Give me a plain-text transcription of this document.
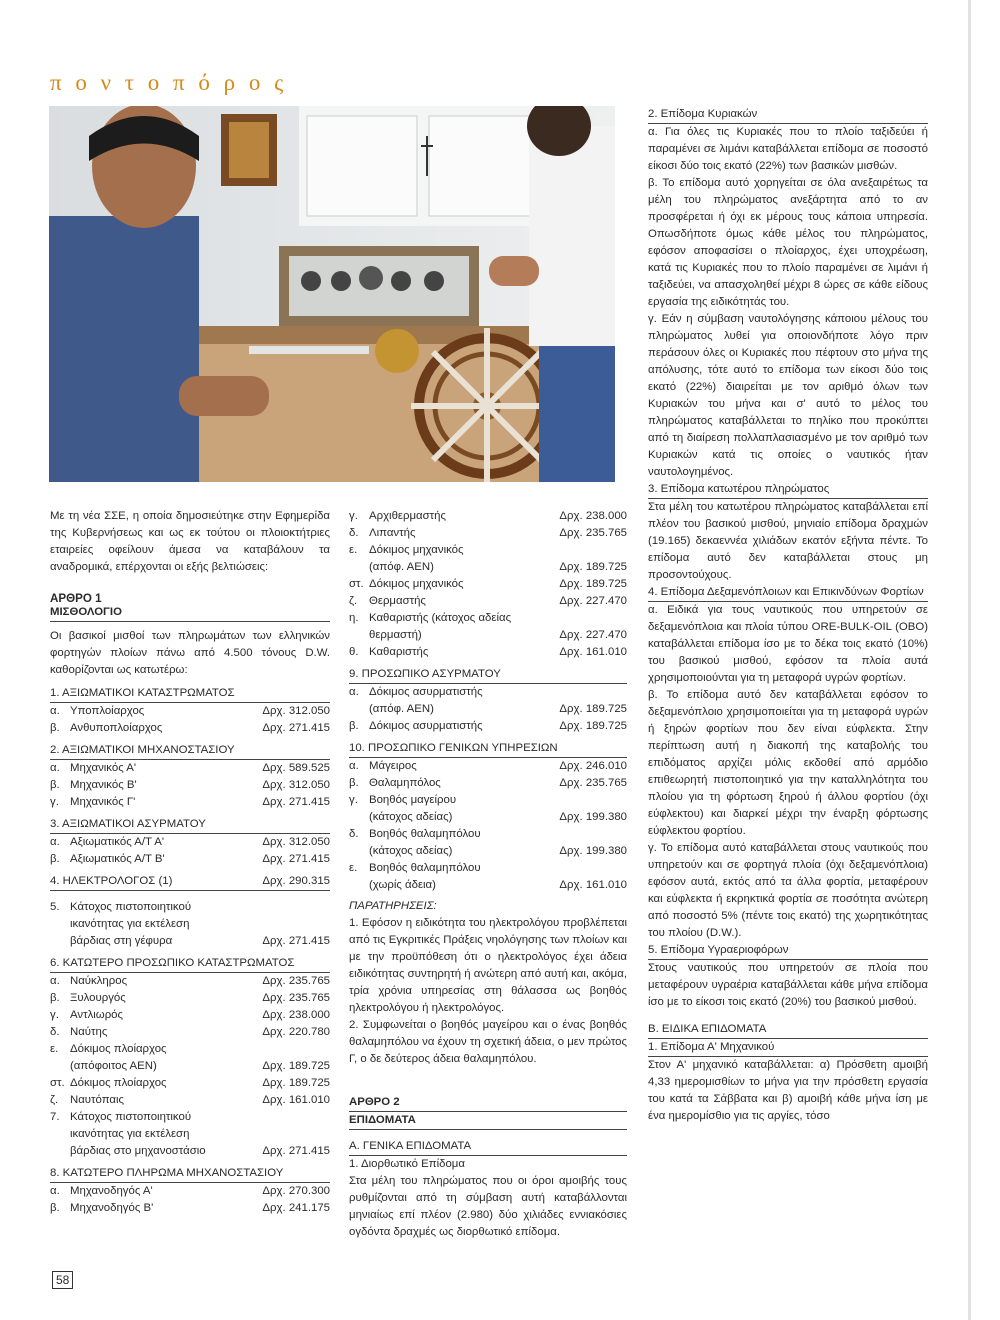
π ο ν τ ο π ό ρ ο ς

Με τη νέα ΣΣΕ, η οποία δημοσιεύτηκε στην Εφημερίδα της Κυβερνήσεως και ως εκ τούτου οι πλοιοκτήτριες εταιρείες οφείλουν άμεσα να καταβάλουν τα αναδρομικά, επέρχονται οι εξής βελτιώσεις:

ΑΡΘΡΟ 1
ΜΙΣΘΟΛΟΓΙΟ

Οι βασικοί μισθοί των πληρωμάτων των ελληνικών φορτηγών πλοίων πάνω από 4.500 τόνους D.W. καθορίζονται ως κατωτέρω:

1. ΑΞΙΩΜΑΤΙΚΟΙ ΚΑΤΑΣΤΡΩΜΑΤΟΣ
α. Υποπλοίαρχος	Δρχ. 312.050
β. Ανθυποπλοίαρχος	Δρχ. 271.415
2. ΑΞΙΩΜΑΤΙΚΟΙ ΜΗΧΑΝΟΣΤΑΣΙΟΥ
α. Μηχανικός Α'	Δρχ. 589.525
β. Μηχανικός Β'	Δρχ. 312.050
γ. Μηχανικός Γ'	Δρχ. 271.415
3. ΑΞΙΩΜΑΤΙΚΟΙ ΑΣΥΡΜΑΤΟΥ
α. Αξιωματικός Α/Τ Α'	Δρχ. 312.050
β. Αξιωματικός Α/Τ Β'	Δρχ. 271.415
4. ΗΛΕΚΤΡΟΛΟΓΟΣ (1)	Δρχ. 290.315
5. Κάτοχος πιστοποιητικού ικανότητας για εκτέλεση βάρδιας στη γέφυρα	Δρχ. 271.415
6. ΚΑΤΩΤΕΡΟ ΠΡΟΣΩΠΙΚΟ ΚΑΤΑΣΤΡΩΜΑΤΟΣ
α. Ναύκληρος	Δρχ. 235.765
β. Ξυλουργός	Δρχ. 235.765
γ. Αντλιωρός	Δρχ. 238.000
δ. Ναύτης	Δρχ. 220.780
ε.	Δόκιμος πλοίαρχος (απόφοιτος ΑΕΝ)	Δρχ. 189.725
στ. Δόκιμος πλοίαρχος	Δρχ. 189.725
ζ.	Ναυτόπαις	Δρχ. 161.010
7. Κάτοχος πιστοποιητικού ικανότητας για εκτέλεση βάρδιας στο μηχανοστάσιο	Δρχ. 271.415
8. ΚΑΤΩΤΕΡΟ ΠΛΗΡΩΜΑ ΜΗΧΑΝΟΣΤΑΣΙΟΥ
α. Μηχανοδηγός Α'	Δρχ. 270.300
β. Μηχανοδηγός Β'	Δρχ. 241.175
γ. Αρχιθερμαστής	Δρχ. 238.000
δ. Λιπαντής	Δρχ. 235.765
ε.	Δόκιμος μηχανικός (απόφ. ΑΕΝ)	Δρχ. 189.725
στ. Δόκιμος μηχανικός	Δρχ. 189.725
ζ.	Θερμαστής	Δρχ. 227.470
η. Καθαριστής (κάτοχος αδείας θερμαστή)	Δρχ. 227.470
θ. Καθαριστής	Δρχ. 161.010
9. ΠΡΟΣΩΠΙΚΟ ΑΣΥΡΜΑΤΟΥ
α. Δόκιμος ασυρματιστής (απόφ. ΑΕΝ)	Δρχ. 189.725
β. Δόκιμος ασυρματιστής	Δρχ. 189.725
10. ΠΡΟΣΩΠΙΚΟ ΓΕΝΙΚΩΝ ΥΠΗΡΕΣΙΩΝ
α. Μάγειρος	Δρχ. 246.010
β. Θαλαμηπόλος	Δρχ. 235.765
γ. Βοηθός μαγείρου (κάτοχος αδείας)	Δρχ. 199.380
δ. Βοηθός θαλαμηπόλου (κάτοχος αδείας)	Δρχ. 199.380
ε.	Βοηθός θαλαμηπόλου (χωρίς άδεια)	Δρχ. 161.010
ΠΑΡΑΤΗΡΗΣΕΙΣ:

1. Εφόσον η ειδικότητα του ηλεκτρολόγου προβλέπεται από τις Εγκριτικές Πράξεις νηολόγησης των πλοίων και με την προϋπόθεση ότι ο ηλεκτρολόγος έχει άδεια ειδικότητας συντηρητή ή ανώτερη από αυτή και, ακόμα, τρία χρόνια υπηρεσίας στη θάλασσα ως βοηθός ηλεκτρολόγου ή ηλεκτρολόγος.

2. Συμφωνείται ο βοηθός μαγείρου και ο ένας βοηθός θαλαμηπόλου να έχουν τη σχετική άδεια, ο μεν πρώτος Γ, ο δε δεύτερος άδεια θαλαμηπόλου.

ΑΡΘΡΟ 2
ΕΠΙΔΟΜΑΤΑ
Α. ΓΕΝΙΚΑ ΕΠΙΔΟΜΑΤΑ
1. Διορθωτικό Επίδομα

Στα μέλη του πληρώματος που οι όροι αμοιβής τους ρυθμίζονται από τη σύμβαση αυτή καταβάλλονται μηνιαίως επί πλέον (2.980) δύο χιλιάδες εννιακόσιες ογδόντα δραχμές ως διορθωτικό επίδομα.

2. Επίδομα Κυριακών

α. Για όλες τις Κυριακές που το πλοίο ταξιδεύει ή παραμένει σε λιμάνι καταβάλλεται επίδομα σε ποσοστό είκοσι δύο τοις εκατό (22%) των βασικών μισθών.

β. Το επίδομα αυτό χορηγείται σε όλα ανεξαιρέτως τα μέλη του πληρώματος ανεξάρτητα από το αν προσφέρεται ή όχι εκ μέρους τους κάποια υπηρεσία. Οπωσδήποτε όμως κάθε μέλος του πληρώματος, εφόσον αποφασίσει ο πλοίαρχος, έχει υποχρέωση, κατά τις Κυριακές που το πλοίο παραμένει σε λιμάνι ή ταξιδεύει, να απασχοληθεί μέχρι 8 ώρες σε κάθε είδους εργασία της ειδικότητάς του.

γ. Εάν η σύμβαση ναυτολόγησης κάποιου μέλους του πληρώματος λυθεί για οποιονδήποτε λόγο πριν περάσουν όλες οι Κυριακές που πέφτουν στο μήνα της απόλυσης, τότε αυτό το επίδομα των είκοσι δύο τοις εκατό (22%) διαιρείται με τον αριθμό όλων των Κυριακών του μήνα και σ' αυτό το μέλος του πληρώματος καταβάλλεται το πηλίκο που προκύπτει από τη διαίρεση πολλαπλασιασμένο με τον αριθμό των Κυριακών κατά τις οποίες ο ναυτικός ήταν ναυτολογημένος.

3. Επίδομα κατωτέρου πληρώματος

Στα μέλη του κατωτέρου πληρώματος καταβάλλεται επί πλέον του βασικού μισθού, μηνιαίο επίδομα δραχμών (19.165) δεκαεννέα χιλιάδων εκατόν εξήντα πέντε. Το επίδομα αυτό δεν καταβάλλεται στους μη προσοντούχους.

4. Επίδομα Δεξαμενόπλοιων και Επικινδύνων Φορτίων

α. Ειδικά για τους ναυτικούς που υπηρετούν σε δεξαμενόπλοια και πλοία τύπου ORE-BULK-OIL (OBO) καταβάλλεται επίδομα ίσο με το δέκα τοις εκατό (10%) του βασικού μισθού, εφόσον τα πλοία αυτά χρησιμοποιούνται για τη μεταφορά υγρών φορτίων.

β. Το επίδομα αυτό δεν καταβάλλεται εφόσον το δεξαμενόπλοιο χρησιμοποιείται για τη μεταφορά υγρών ή ξηρών φορτίων που δεν είναι εύφλεκτα. Στην περίπτωση αυτή η διακοπή της καταβολής του επιδόματος αρχίζει μόλις εκδοθεί από αρμόδιο επιθεωρητή πιστοποιητικό για την καταλληλότητα του πλοίου για τη φόρτωση ξηρού ή άλλου φορτίου (όχι εύφλεκτου) και διαρκεί μέχρι την έναρξη φόρτωσης εύφλεκτου φορτίου.

γ. Το επίδομα αυτό καταβάλλεται στους ναυτικούς που υπηρετούν και σε φορτηγά πλοία (όχι δεξαμενόπλοια) εφόσον αυτά, εκτός από τα άλλα φορτία, μεταφέρουν και εύφλεκτα ή εκρηκτικά φορτία σε ποσότητα ανώτερη από ποσοστό 5% (πέντε τοις εκατό) της χωρητικότητας του πλοίου (D.W.).

5. Επίδομα Υγραεριοφόρων

Στους ναυτικούς που υπηρετούν σε πλοία που μεταφέρουν υγραέρια καταβάλλεται κάθε μήνα επίδομα ίσο με το είκοσι τοις εκατό (20%) του βασικού μισθού.

Β. ΕΙΔΙΚΑ ΕΠΙΔΟΜΑΤΑ
1. Επίδομα Α' Μηχανικού

Στον Α' μηχανικό καταβάλλεται: α) Πρόσθετη αμοιβή 4,33 ημερομισθίων το μήνα για την πρόσθετη εργασία του κατά τα Σάββατα και β) αμοιβή κάθε μήνα ίση με ένα ημερομίσθιο για τις αργίες, τόσο

58
